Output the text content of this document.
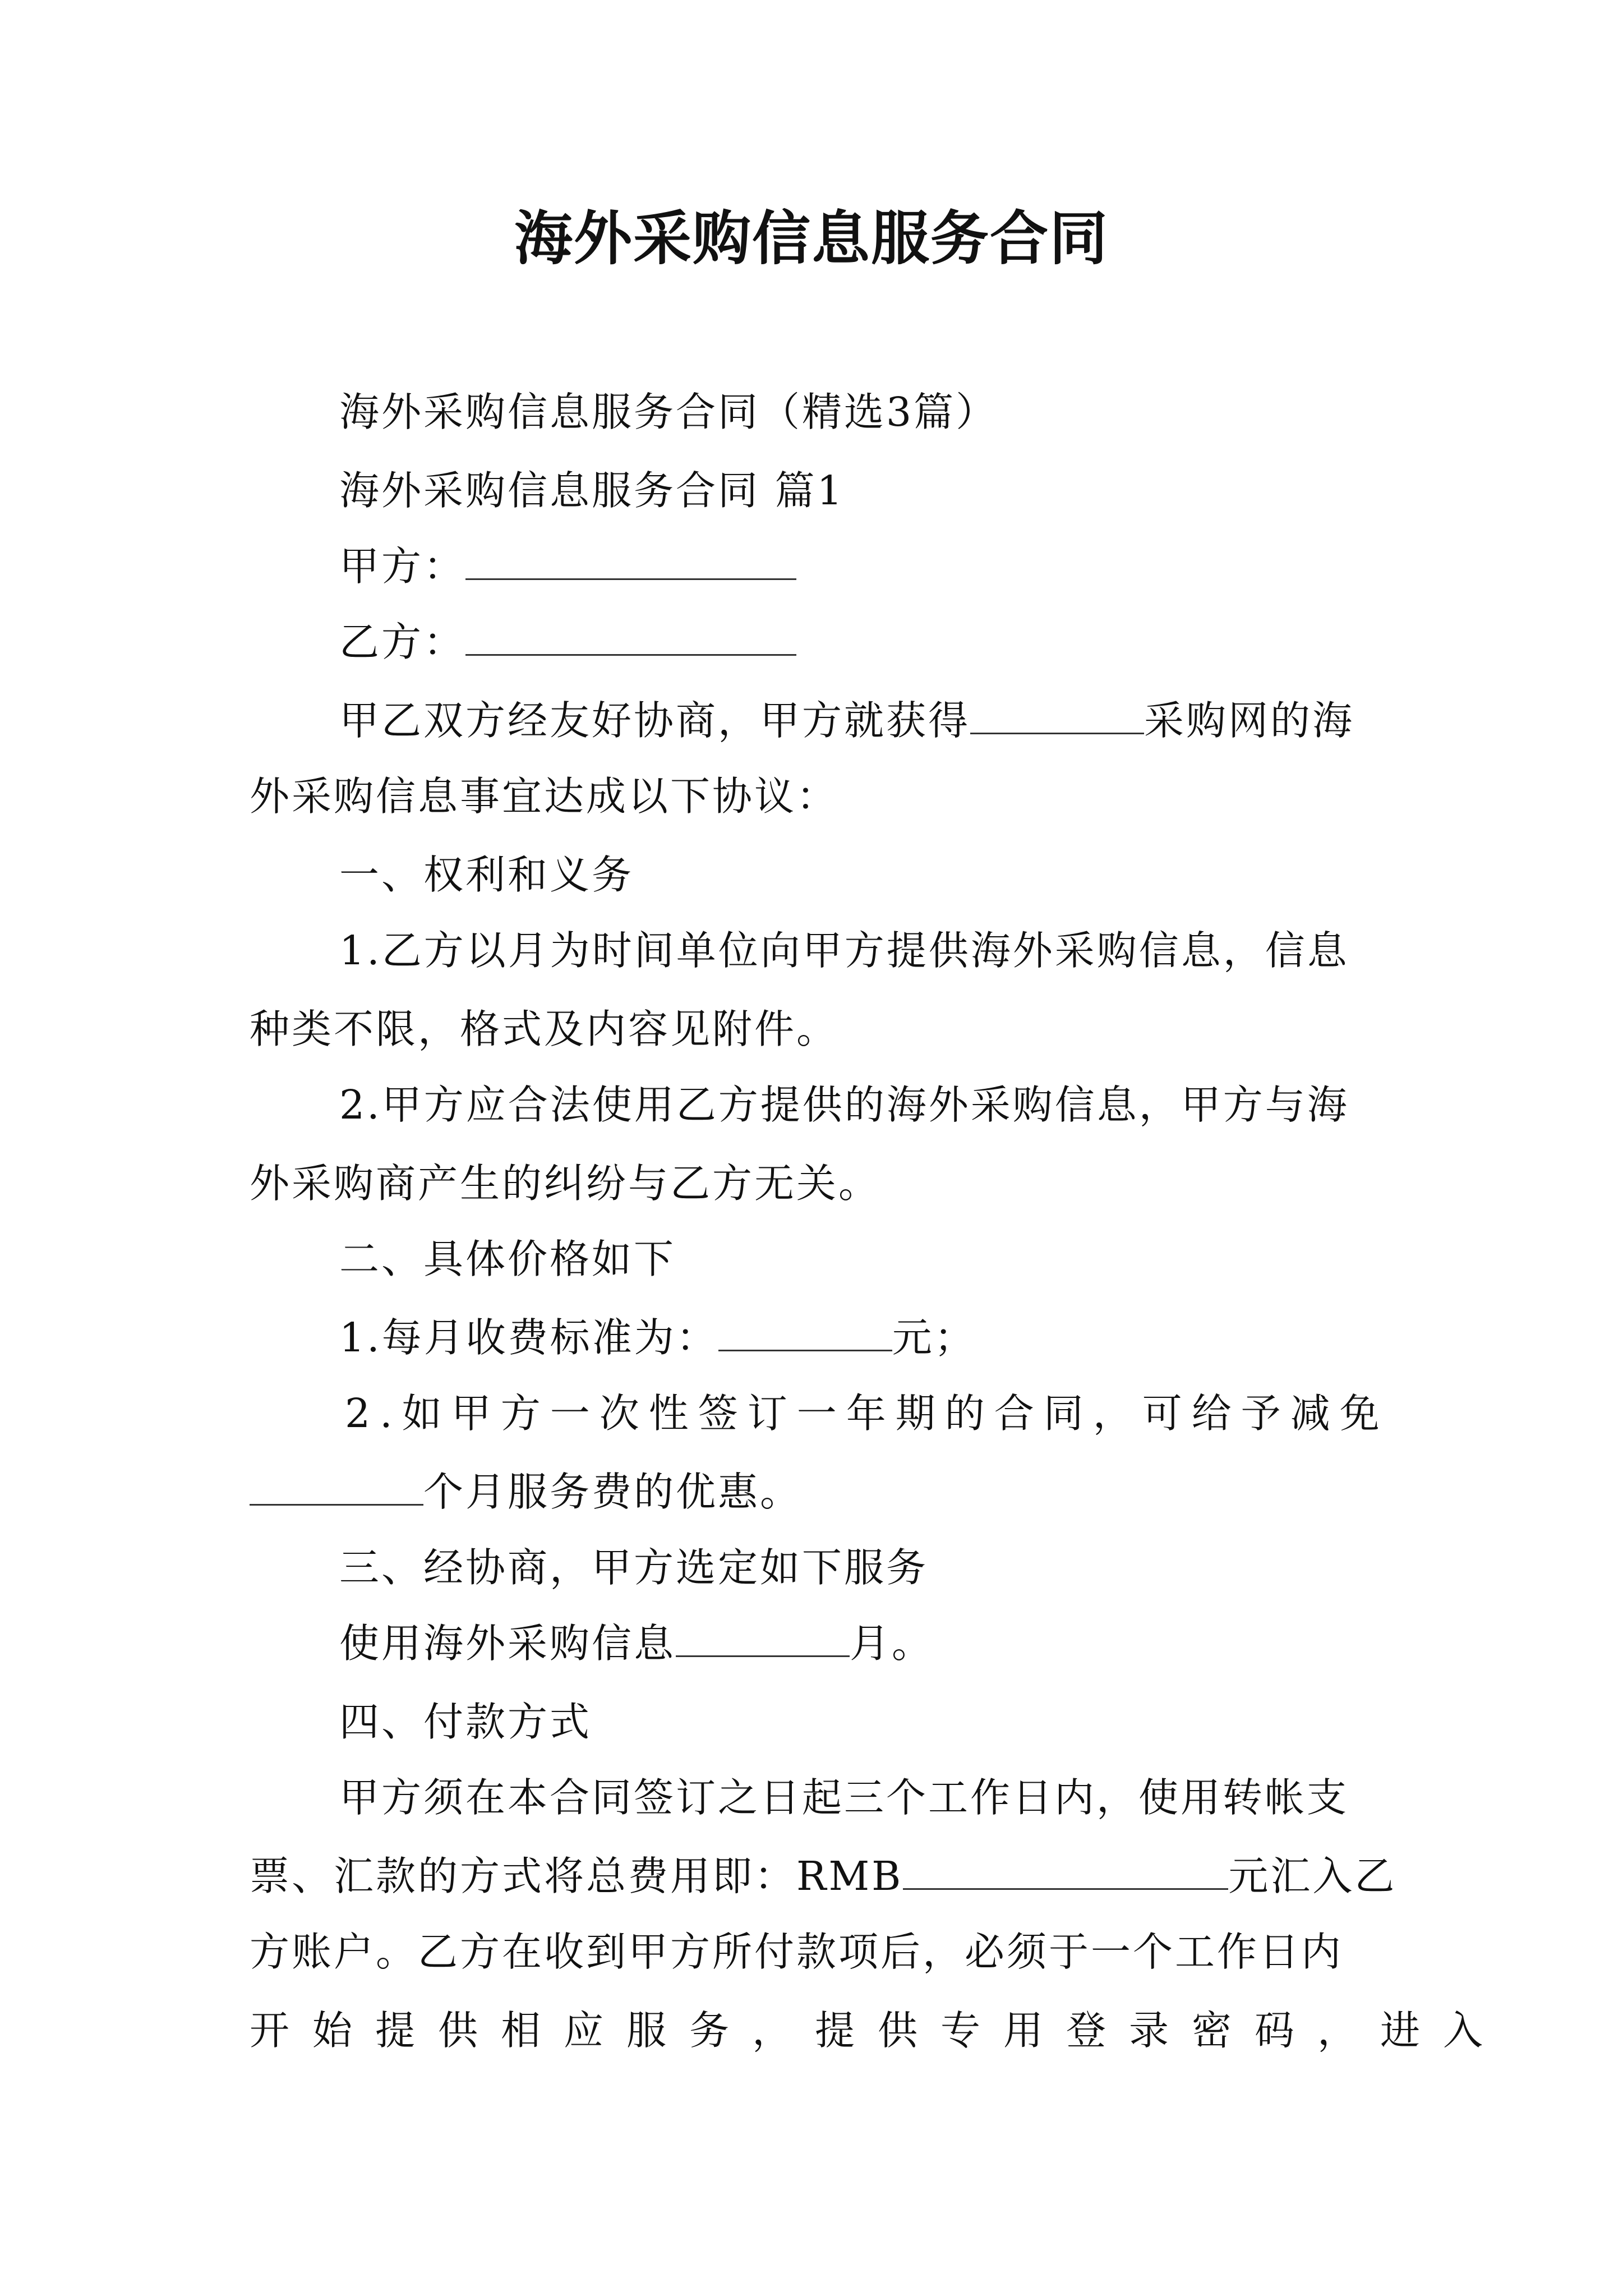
海外采购信息服务合同
海外采购信息服务合同（精选3篇）
海外采购信息服务合同 篇1
甲方：
乙方：
甲乙双方经友好协商，甲方就获得	采购网的海
外采购信息事宜达成以下协议：
一、权利和义务
1.乙方以月为时间单位向甲方提供海外采购信息，信息
种类不限，格式及内容见附件。
2.甲方应合法使用乙方提供的海外采购信息，甲方与海
外采购商产生的纠纷与乙方无关。
二、具体价格如下
1.每月收费标准为：	元；
2.如甲方一次性签订一年期的合同，可给予减免
个月服务费的优惠。
三、经协商，甲方选定如下服务
使用海外采购信息	月。
四、付款方式
甲方须在本合同签订之日起三个工作日内，使用转帐支
票、汇款的方式将总费用即：RMB	元汇入乙
方账户。乙方在收到甲方所付款项后，必须于一个工作日内
开始提供相应服务，提供专用登录密码，进入
